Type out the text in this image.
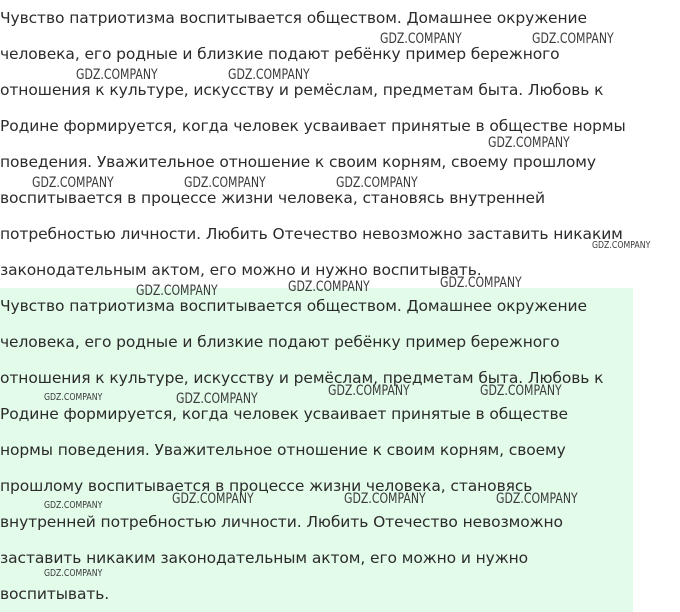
Чувство патриотизма воспитывается обществом. Домашнее окружение
человека, его родные и близкие подают ребёнку пример бережного
отношения к культуре, искусству и ремёслам, предметам быта. Любовь к
Родине формируется, когда человек усваивает принятые в обществе нормы
поведения. Уважительное отношение к своим корням, своему прошлому
воспитывается в процессе жизни человека, становясь внутренней
потребностью личности. Любить Отечество невозможно заставить никаким
законодательным актом, его можно и нужно воспитывать.
Чувство патриотизма воспитывается обществом. Домашнее окружение
человека, его родные и близкие подают ребёнку пример бережного
отношения к культуре, искусству и ремёслам, предметам быта. Любовь к
Родине формируется, когда человек усваивает принятые в обществе
нормы поведения. Уважительное отношение к своим корням, своему
прошлому воспитывается в процессе жизни человека, становясь
внутренней потребностью личности. Любить Отечество невозможно
заставить никаким законодательным актом, его можно и нужно
воспитывать.
GDZ.COMPANY	GDZ.COMPANY
GDZ.COMPANY	GDZ.COMPANY
GDZ.COMPANY
GDZ.COMPANY	GDZ.COMPANY	GDZ.COMPANY
GDZ.COMPANY
GDZ.COMPANY
GDZ.COMPANY
GDZ.COMPANY
GDZ.COMPANY	GDZ.COMPANY
GDZ.COMPANY
GDZ.COMPANY
GDZ.COMPANY	GDZ.COMPANY	GDZ.COMPANY
GDZ.COMPANY
GDZ.COMPANY
